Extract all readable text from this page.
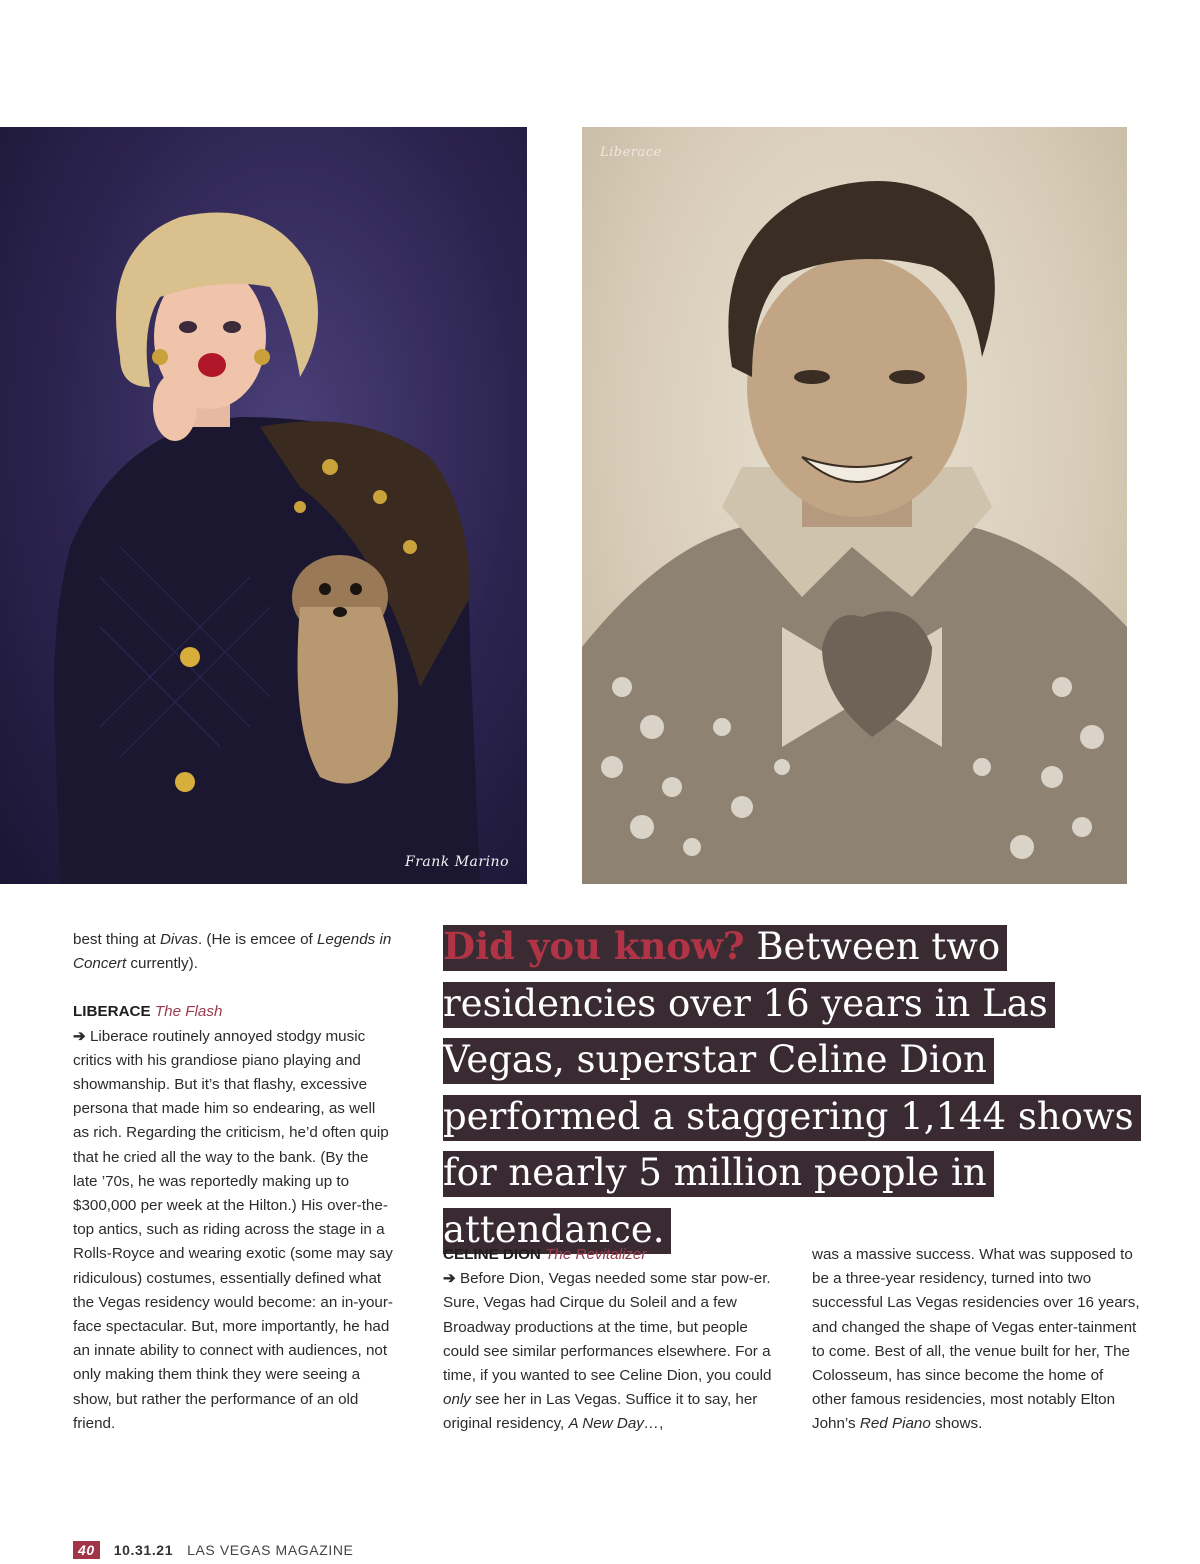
Frank Marino
Liberace

best thing at Divas. (He is emcee of Legends in Concert currently).

LIBERACE The Flash

➔ Liberace routinely annoyed stodgy music critics with his grandiose piano playing and showmanship. But it’s that flashy, excessive persona that made him so endearing, as well as rich. Regarding the criticism, he’d often quip that he cried all the way to the bank. (By the late ’70s, he was reportedly making up to $300,000 per week at the Hilton.) His over-the-top antics, such as riding across the stage in a Rolls-Royce and wearing exotic (some may say ridiculous) costumes, essentially defined what the Vegas residency would become: an in-your-face spectacular. But, more importantly, he had an innate ability to connect with audiences, not only making them think they were seeing a show, but rather the performance of an old friend.

Did you know? Between two residencies over 16 years in Las Vegas, superstar Celine Dion performed a staggering 1,144 shows for nearly 5 million people in attendance.

CELINE DION The Revitalizer

➔ Before Dion, Vegas needed some star pow-er. Sure, Vegas had Cirque du Soleil and a few Broadway productions at the time, but people could see similar performances elsewhere. For a time, if you wanted to see Celine Dion, you could only see her in Las Vegas. Suffice it to say, her original residency, A New Day…,

was a massive success. What was supposed to be a three-year residency, turned into two successful Las Vegas residencies over 16 years, and changed the shape of Vegas enter-tainment to come. Best of all, the venue built for her, The Colosseum, has since become the home of other famous residencies, most notably Elton John’s Red Piano shows.

40	10.31.21 LAS VEGAS MAGAZINE
